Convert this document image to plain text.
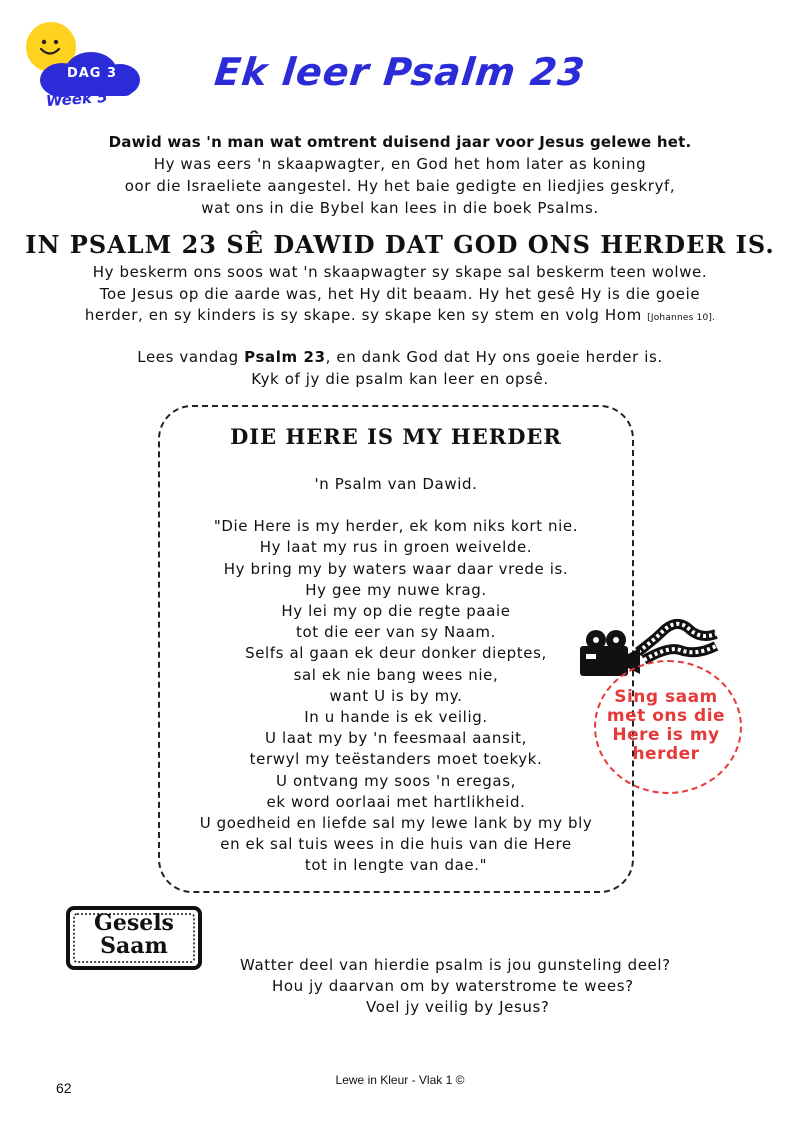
DAG 3
Week 5
Ek leer Psalm 23
Dawid was 'n man wat omtrent duisend jaar voor Jesus gelewe het.
Hy was eers 'n skaapwagter, en God het hom later as koning
oor die Israeliete aangestel. Hy het baie gedigte en liedjies geskryf,
wat ons in die Bybel kan lees in die boek Psalms.
IN PSALM 23 SÊ DAWID DAT GOD ONS HERDER IS.
Hy beskerm ons soos wat 'n skaapwagter sy skape sal beskerm teen wolwe.
Toe Jesus op die aarde was, het Hy dit beaam. Hy het gesê Hy is die goeie
herder, en sy kinders is sy skape. sy skape ken sy stem en volg Hom [Johannes 10].
Lees vandag Psalm 23, en dank God dat Hy ons goeie herder is.
Kyk of jy die psalm kan leer en opsê.
DIE HERE IS MY HERDER
'n Psalm van Dawid.
"Die Here is my herder, ek kom niks kort nie.
Hy laat my rus in groen weivelde.
Hy bring my by waters waar daar vrede is.
Hy gee my nuwe krag.
Hy lei my op die regte paaie
tot die eer van sy Naam.
Selfs al gaan ek deur donker dieptes,
sal ek nie bang wees nie,
want U is by my.
In u hande is ek veilig.
U laat my by 'n feesmaal aansit,
terwyl my teëstanders moet toekyk.
U ontvang my soos 'n eregas,
ek word oorlaai met hartlikheid.
U goedheid en liefde sal my lewe lank by my bly
en ek sal tuis wees in die huis van die Here
tot in lengte van dae."
Sing saam
met ons die
Here is my
herder
Gesels
Saam
Watter deel van hierdie psalm is jou gunsteling deel?
Hou jy daarvan om by waterstrome te wees?
Voel jy veilig by Jesus?
Lewe in Kleur - Vlak 1 ©
62
